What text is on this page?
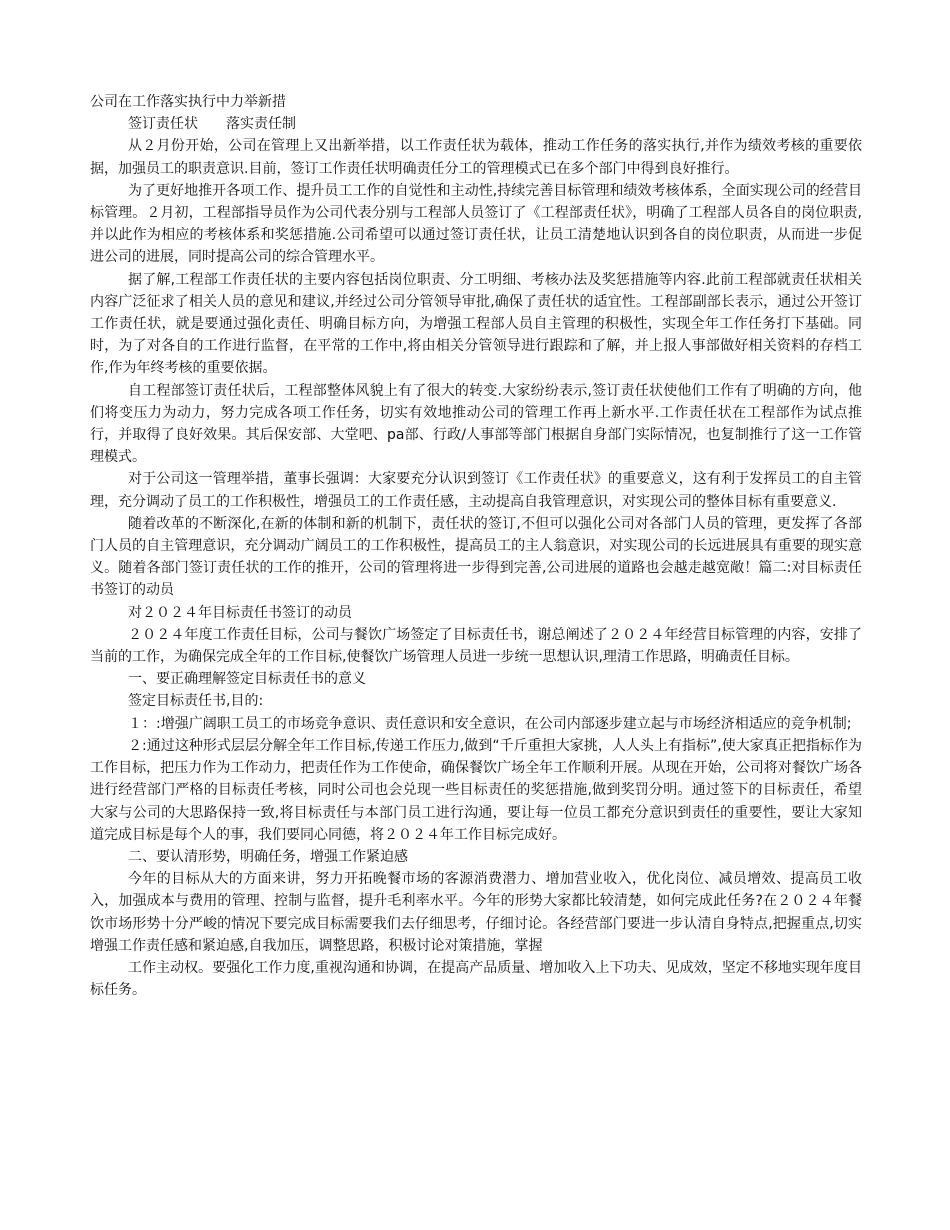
公司在工作落实执行中力举新措

签订责任状　　落实责任制

从２月份开始，公司在管理上又出新举措，以工作责任状为载体，推动工作任务的落实执行,并作为绩效考核的重要依据，加强员工的职责意识.目前，签订工作责任状明确责任分工的管理模式已在多个部门中得到良好推行。

为了更好地推开各项工作、提升员工工作的自觉性和主动性,持续完善目标管理和绩效考核体系，全面实现公司的经营目标管理。２月初，工程部指导员作为公司代表分别与工程部人员签订了《工程部责任状》，明确了工程部人员各自的岗位职责,并以此作为相应的考核体系和奖惩措施.公司希望可以通过签订责任状，让员工清楚地认识到各自的岗位职责，从而进一步促进公司的进展，同时提高公司的综合管理水平。

据了解,工程部工作责任状的主要内容包括岗位职责、分工明细、考核办法及奖惩措施等内容.此前工程部就责任状相关内容广泛征求了相关人员的意见和建议,并经过公司分管领导审批,确保了责任状的适宜性。工程部副部长表示，通过公开签订工作责任状，就是要通过强化责任、明确目标方向，为增强工程部人员自主管理的积极性，实现全年工作任务打下基础。同时，为了对各自的工作进行监督，在平常的工作中,将由相关分管领导进行跟踪和了解，并上报人事部做好相关资料的存档工作,作为年终考核的重要依据。

自工程部签订责任状后，工程部整体风貌上有了很大的转变.大家纷纷表示,签订责任状使他们工作有了明确的方向，他们将变压力为动力，努力完成各项工作任务，切实有效地推动公司的管理工作再上新水平.工作责任状在工程部作为试点推行，并取得了良好效果。其后保安部、大堂吧、pa部、行政/人事部等部门根据自身部门实际情况，也复制推行了这一工作管理模式。

对于公司这一管理举措，董事长强调：大家要充分认识到签订《工作责任状》的重要意义，这有利于发挥员工的自主管理，充分调动了员工的工作积极性，增强员工的工作责任感，主动提高自我管理意识，对实现公司的整体目标有重要意义.

随着改革的不断深化,在新的体制和新的机制下，责任状的签订,不但可以强化公司对各部门人员的管理，更发挥了各部门人员的自主管理意识，充分调动广阔员工的工作积极性，提高员工的主人翁意识，对实现公司的长远进展具有重要的现实意义。随着各部门签订责任状的工作的推开，公司的管理将进一步得到完善,公司进展的道路也会越走越宽敞！篇二:对目标责任书签订的动员

对２０２４年目标责任书签订的动员

２０２４年度工作责任目标，公司与餐饮广场签定了目标责任书，谢总阐述了２０２４年经营目标管理的内容，安排了当前的工作，为确保完成全年的工作目标,使餐饮广场管理人员进一步统一思想认识,理清工作思路，明确责任目标。

一、要正确理解签定目标责任书的意义

签定目标责任书,目的:

１：:增强广阔职工员工的市场竞争意识、责任意识和安全意识，在公司内部逐步建立起与市场经济相适应的竞争机制;

２:通过这种形式层层分解全年工作目标,传递工作压力,做到“千斤重担大家挑，人人头上有指标”,使大家真正把指标作为工作目标，把压力作为工作动力，把责任作为工作使命，确保餐饮广场全年工作顺利开展。从现在开始，公司将对餐饮广场各进行经营部门严格的目标责任考核，同时公司也会兑现一些目标责任的奖惩措施,做到奖罚分明。通过签下的目标责任，希望大家与公司的大思路保持一致,将目标责任与本部门员工进行沟通，要让每一位员工都充分意识到责任的重要性，要让大家知道完成目标是每个人的事，我们要同心同德，将２０２４年工作目标完成好。

二、要认清形势，明确任务，增强工作紧迫感

今年的目标从大的方面来讲，努力开拓晚餐市场的客源消费潜力、增加营业收入，优化岗位、减员增效、提高员工收入，加强成本与费用的管理、控制与监督，提升毛利率水平。今年的形势大家都比较清楚，如何完成此任务?在２０２４年餐饮市场形势十分严峻的情况下要完成目标需要我们去仔细思考，仔细讨论。各经营部门要进一步认清自身特点,把握重点,切实增强工作责任感和紧迫感,自我加压，调整思路，积极讨论对策措施，掌握

工作主动权。要强化工作力度,重视沟通和协调，在提高产品质量、增加收入上下功夫、见成效，坚定不移地实现年度目标任务。
